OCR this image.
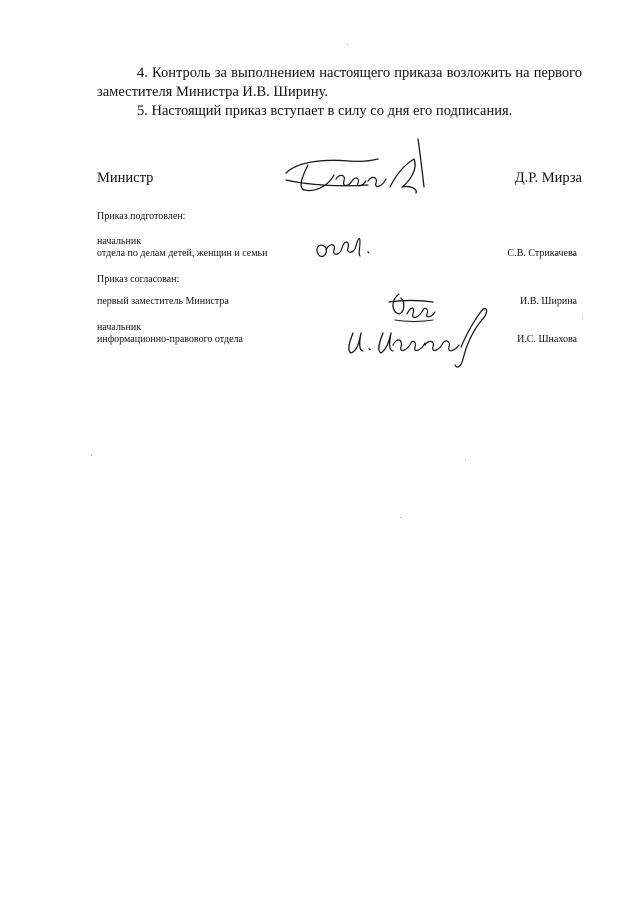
4. Контроль за выполнением настоящего приказа возложить на первого заместителя Министра И.В. Ширину.
5. Настоящий приказ вступает в силу со дня его подписания.
Министр	Д.Р. Мирза
Приказ подготовлен:
начальник
отдела по делам детей, женщин и семьи	С.В. Стрикачева
Приказ согласован:
первый заместитель Министра	И.В. Ширина
начальник
информационно-правового отдела	И.С. Шнахова
